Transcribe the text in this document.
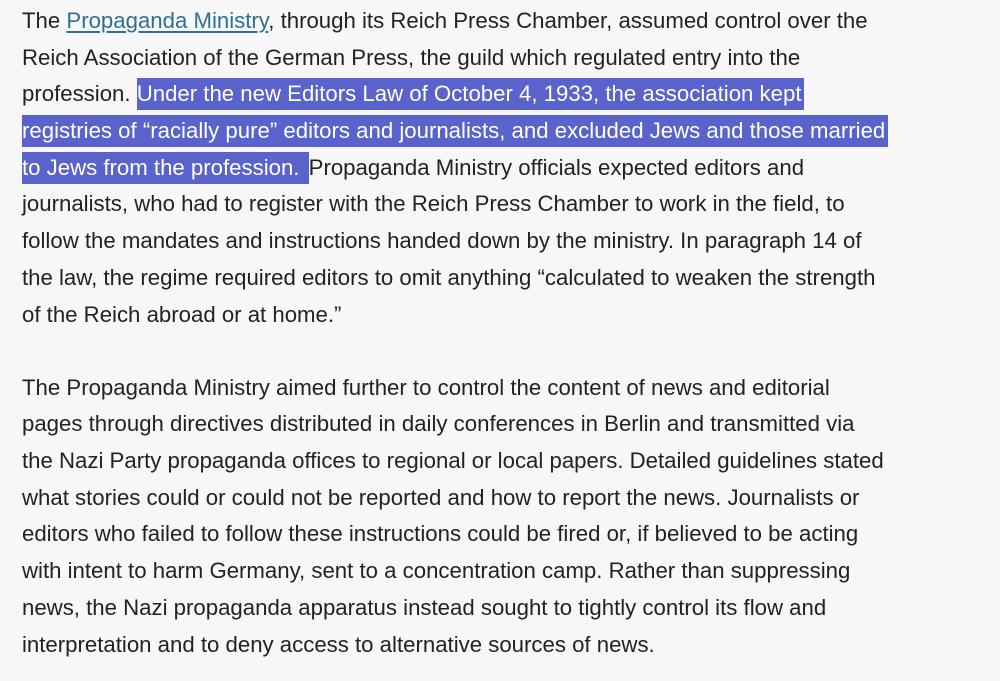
The Propaganda Ministry, through its Reich Press Chamber, assumed control over the
Reich Association of the German Press, the guild which regulated entry into the
profession. Under the new Editors Law of October 4, 1933, the association kept
registries of “racially pure” editors and journalists, and excluded Jews and those married
to Jews from the profession. Propaganda Ministry officials expected editors and
journalists, who had to register with the Reich Press Chamber to work in the field, to
follow the mandates and instructions handed down by the ministry. In paragraph 14 of
the law, the regime required editors to omit anything “calculated to weaken the strength
of the Reich abroad or at home.”

The Propaganda Ministry aimed further to control the content of news and editorial
pages through directives distributed in daily conferences in Berlin and transmitted via
the Nazi Party propaganda offices to regional or local papers. Detailed guidelines stated
what stories could or could not be reported and how to report the news. Journalists or
editors who failed to follow these instructions could be fired or, if believed to be acting
with intent to harm Germany, sent to a concentration camp. Rather than suppressing
news, the Nazi propaganda apparatus instead sought to tightly control its flow and
interpretation and to deny access to alternative sources of news.
